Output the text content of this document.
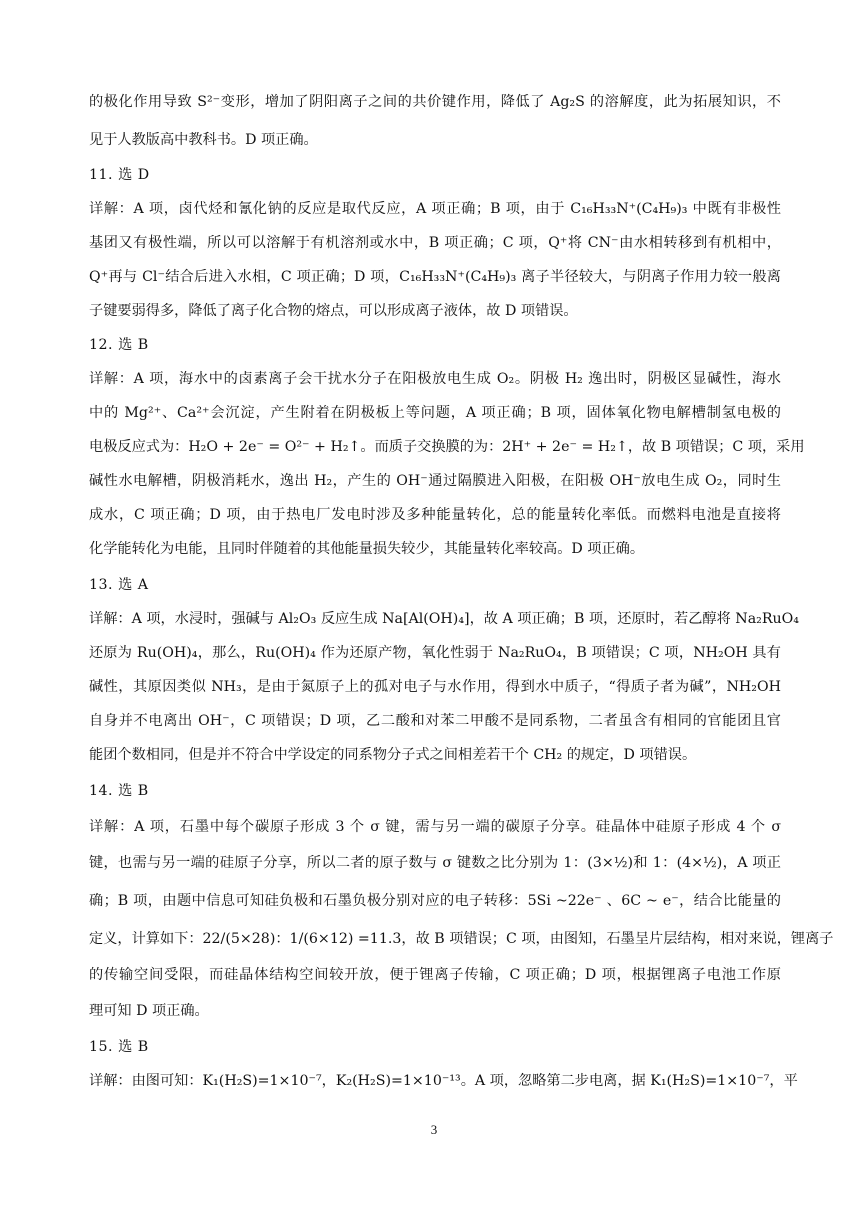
的极化作用导致 S²⁻变形，增加了阴阳离子之间的共价键作用，降低了 Ag₂S 的溶解度，此为拓展知识，不
见于人教版高中教科书。D 项正确。
11. 选 D
详解：A 项，卤代烃和氰化钠的反应是取代反应，A 项正确；B 项，由于 C₁₆H₃₃N⁺(C₄H₉)₃ 中既有非极性
基团又有极性端，所以可以溶解于有机溶剂或水中，B 项正确；C 项，Q⁺将 CN⁻由水相转移到有机相中，
Q⁺再与 Cl⁻结合后进入水相，C 项正确；D 项，C₁₆H₃₃N⁺(C₄H₉)₃ 离子半径较大，与阴离子作用力较一般离
子键要弱得多，降低了离子化合物的熔点，可以形成离子液体，故 D 项错误。
12. 选 B
详解：A 项，海水中的卤素离子会干扰水分子在阳极放电生成 O₂。阴极 H₂ 逸出时，阴极区显碱性，海水
中的 Mg²⁺、Ca²⁺会沉淀，产生附着在阴极板上等问题，A 项正确；B 项，固体氧化物电解槽制氢电极的
电极反应式为：H₂O + 2e⁻ = O²⁻ + H₂↑。而质子交换膜的为：2H⁺ + 2e⁻ = H₂↑，故 B 项错误；C 项，采用
碱性水电解槽，阴极消耗水，逸出 H₂，产生的 OH⁻通过隔膜进入阳极，在阳极 OH⁻放电生成 O₂，同时生
成水，C 项正确；D 项，由于热电厂发电时涉及多种能量转化，总的能量转化率低。而燃料电池是直接将
化学能转化为电能，且同时伴随着的其他能量损失较少，其能量转化率较高。D 项正确。
13. 选 A
详解：A 项，水浸时，强碱与 Al₂O₃ 反应生成 Na[Al(OH)₄]，故 A 项正确；B 项，还原时，若乙醇将 Na₂RuO₄
还原为 Ru(OH)₄，那么，Ru(OH)₄ 作为还原产物，氧化性弱于 Na₂RuO₄，B 项错误；C 项，NH₂OH 具有
碱性，其原因类似 NH₃，是由于氮原子上的孤对电子与水作用，得到水中质子，“得质子者为碱”，NH₂OH
自身并不电离出 OH⁻，C 项错误；D 项，乙二酸和对苯二甲酸不是同系物，二者虽含有相同的官能团且官
能团个数相同，但是并不符合中学设定的同系物分子式之间相差若干个 CH₂ 的规定，D 项错误。
14. 选 B
详解：A 项，石墨中每个碳原子形成 3 个 σ 键，需与另一端的碳原子分享。硅晶体中硅原子形成 4 个 σ
键，也需与另一端的硅原子分享，所以二者的原子数与 σ 键数之比分别为 1：(3×½)和 1：(4×½)，A 项正
确；B 项，由题中信息可知硅负极和石墨负极分别对应的电子转移：5Si ~22e⁻ 、6C ~ e⁻，结合比能量的
定义，计算如下：22/(5×28)：1/(6×12) =11.3，故 B 项错误；C 项，由图知，石墨呈片层结构，相对来说，锂离子
的传输空间受限，而硅晶体结构空间较开放，便于锂离子传输，C 项正确；D 项，根据锂离子电池工作原
理可知 D 项正确。
15. 选 B
详解：由图可知：K₁(H₂S)=1×10⁻⁷，K₂(H₂S)=1×10⁻¹³。A 项，忽略第二步电离，据 K₁(H₂S)=1×10⁻⁷，平
3
